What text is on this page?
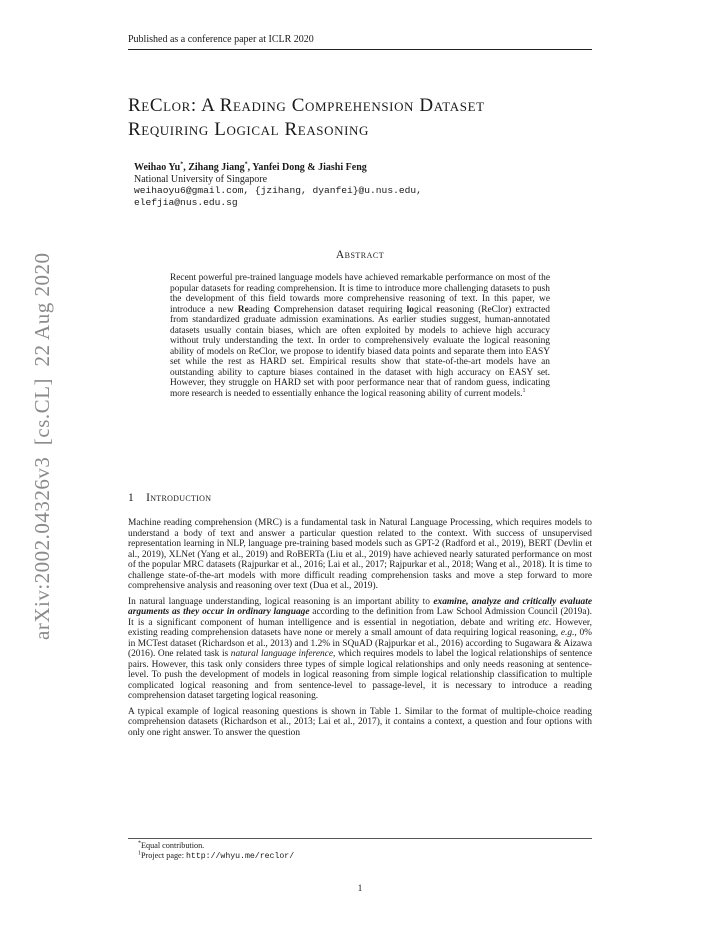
Published as a conference paper at ICLR 2020
ReClor: A Reading Comprehension Dataset
Requiring Logical Reasoning
Weihao Yu*, Zihang Jiang*, Yanfei Dong & Jiashi Feng
National University of Singapore
weihaoyu6@gmail.com, {jzihang, dyanfei}@u.nus.edu,
elefjia@nus.edu.sg
arXiv:2002.04326v3  [cs.CL]  22 Aug 2020	Abstract

Recent powerful pre-trained language models have achieved remarkable performance on most of the popular datasets for reading comprehension. It is time to introduce more challenging datasets to push the development of this field towards more comprehensive reasoning of text. In this paper, we introduce a new Reading Comprehension dataset requiring logical reasoning (ReClor) extracted from standardized graduate admission examinations. As earlier studies suggest, human-annotated datasets usually contain biases, which are often exploited by models to achieve high accuracy without truly understanding the text. In order to comprehensively evaluate the logical reasoning ability of models on ReClor, we propose to identify biased data points and separate them into EASY set while the rest as HARD set. Empirical results show that state-of-the-art models have an outstanding ability to capture biases contained in the dataset with high accuracy on EASY set. However, they struggle on HARD set with poor performance near that of random guess, indicating more research is needed to essentially enhance the logical reasoning ability of current models.$^1$

1 Introduction

Machine reading comprehension (MRC) is a fundamental task in Natural Language Processing, which requires models to understand a body of text and answer a particular question related to the context. With success of unsupervised representation learning in NLP, language pre-training based models such as GPT-2 (Radford et al., 2019), BERT (Devlin et al., 2019), XLNet (Yang et al., 2019) and RoBERTa (Liu et al., 2019) have achieved nearly saturated performance on most of the popular MRC datasets (Rajpurkar et al., 2016; Lai et al., 2017; Rajpurkar et al., 2018; Wang et al., 2018). It is time to challenge state-of-the-art models with more difficult reading comprehension tasks and move a step forward to more comprehensive analysis and reasoning over text (Dua et al., 2019).

In natural language understanding, logical reasoning is an important ability to examine, analyze and critically evaluate arguments as they occur in ordinary language according to the definition from Law School Admission Council (2019a). It is a significant component of human intelligence and is essential in negotiation, debate and writing etc. However, existing reading comprehension datasets have none or merely a small amount of data requiring logical reasoning, e.g., 0% in MCTest dataset (Richardson et al., 2013) and 1.2% in SQuAD (Rajpurkar et al., 2016) according to Sugawara & Aizawa (2016). One related task is natural language inference, which requires models to label the logical relationships of sentence pairs. However, this task only considers three types of simple logical relationships and only needs reasoning at sentence-level. To push the development of models in logical reasoning from simple logical relationship classification to multiple complicated logical reasoning and from sentence-level to passage-level, it is necessary to introduce a reading comprehension dataset targeting logical reasoning.

A typical example of logical reasoning questions is shown in Table 1. Similar to the format of multiple-choice reading comprehension datasets (Richardson et al., 2013; Lai et al., 2017), it contains a context, a question and four options with only one right answer. To answer the question

*Equal contribution.
$^1$Project page: http://whyu.me/reclor/
1
